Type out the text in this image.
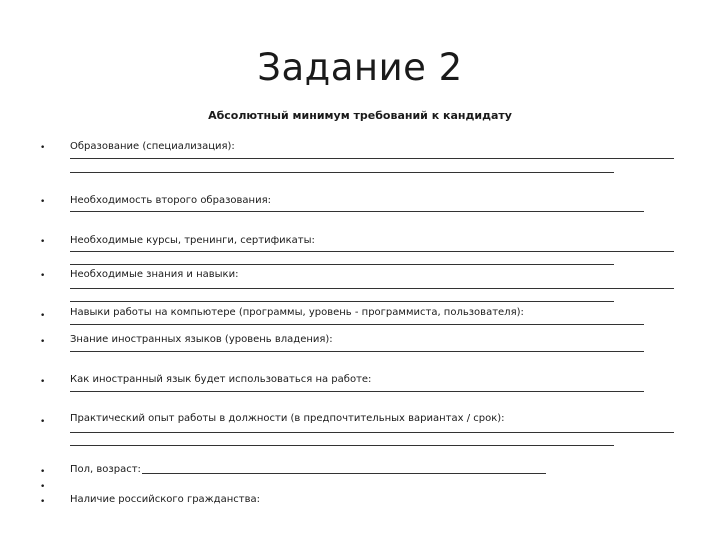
Задание 2
Абсолютный минимум требований к кандидату
•	Образование (специализация):
•	Необходимость второго образования:
•	Необходимые курсы, тренинги, сертификаты:
•	Необходимые знания и навыки:
•	Навыки работы на компьютере (программы, уровень - программиста, пользователя):
•	Знание иностранных языков (уровень владения):
•	Как иностранный язык будет использоваться на работе:
•	Практический опыт работы в должности (в предпочтительных вариантах / срок):
•	Пол, возраст:
•
•	Наличие российского гражданства:
